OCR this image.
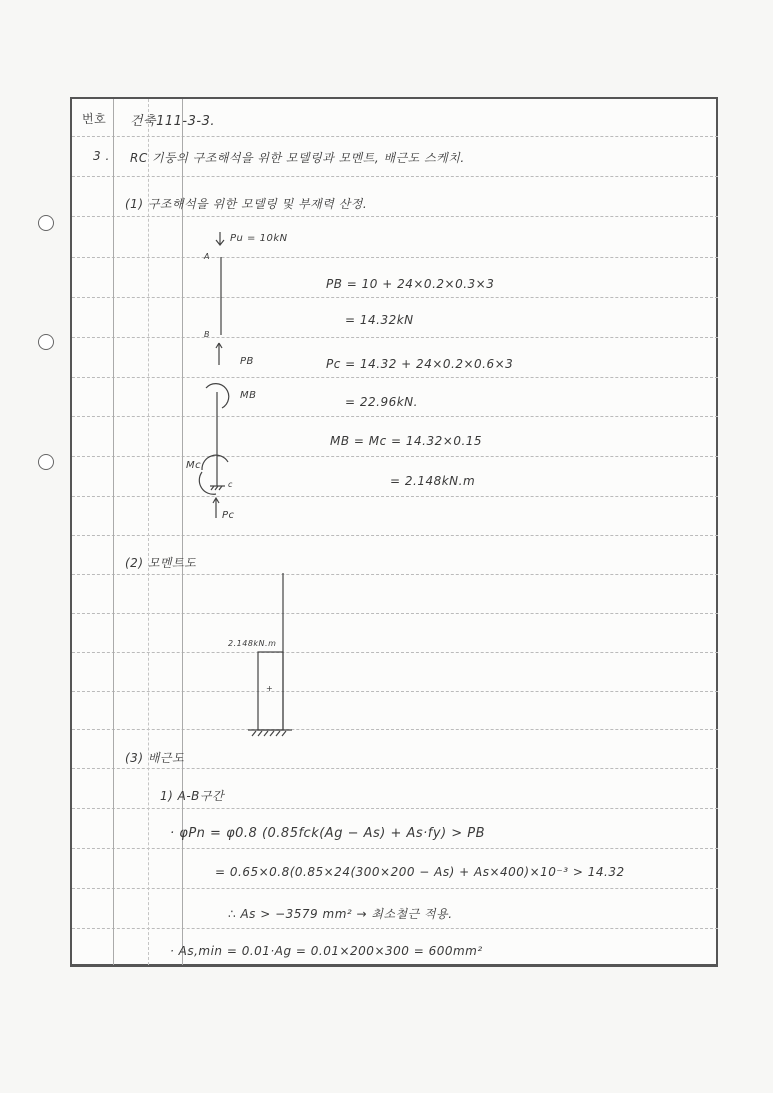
번호 건축111-3-3.
3 . RC 기둥의 구조해석을 위한 모델링과 모멘트, 배근도 스케치.
(1) 구조해석을 위한 모델링 및 부재력 산정.
Pu = 10kN
A
B
PB
MB
Mc
c
Pc
PB = 10 + 24×0.2×0.3×3
= 14.32kN
Pc = 14.32 + 24×0.2×0.6×3
= 22.96kN.
MB = Mc = 14.32×0.15
= 2.148kN.m
(2) 모멘트도
2.148kN.m
+
(3) 배근도
1) A-B구간
· φPn = φ0.8 (0.85fck(Ag − As) + As·fy) > PB
= 0.65×0.8(0.85×24(300×200 − As) + As×400)×10⁻³ > 14.32
∴ As > −3579 mm² → 최소철근 적용.
· As,min = 0.01·Ag = 0.01×200×300 = 600mm²
